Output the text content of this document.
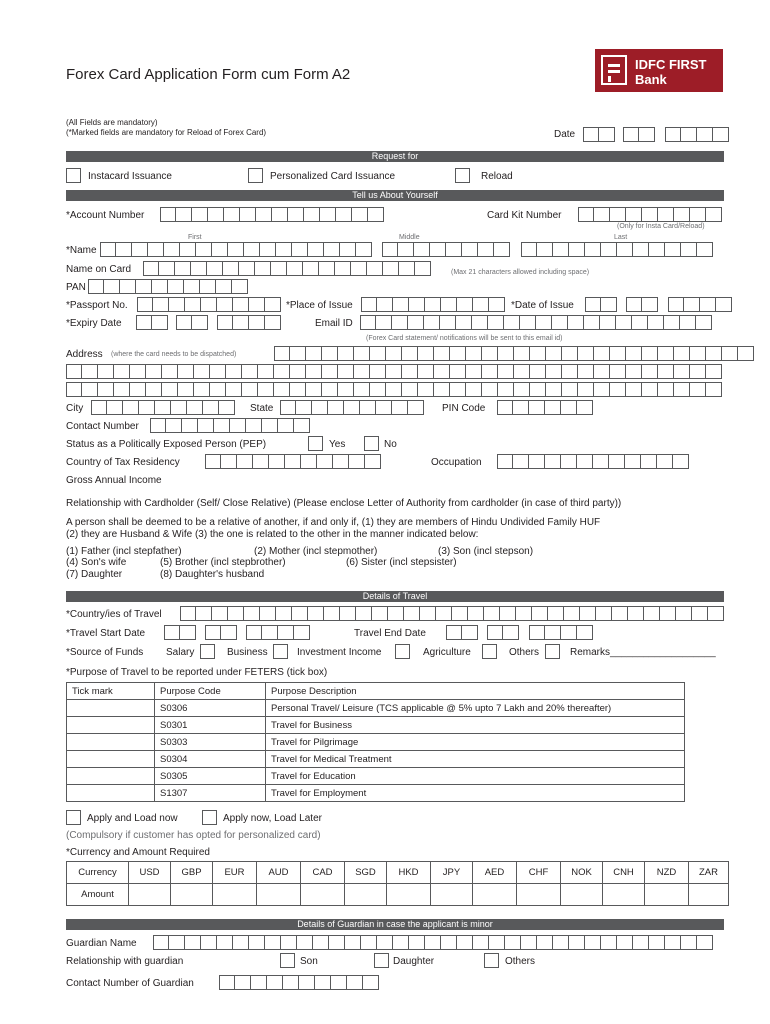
Forex Card Application Form cum Form A2
IDFC FIRST
Bank
(All Fields are mandatory)
(*Marked fields are mandatory for Reload of Forex Card)	Date
Request for
Instacard Issuance	Personalized Card Issuance	Reload
Tell us About Yourself
*Account Number	Card Kit Number
(Only for Insta Card/Reload)
First	Middle	Last
*Name
Name on Card	(Max 21 characters allowed including space)
PAN
*Passport No.	*Place of Issue	*Date of Issue
*Expiry Date	Email ID
(Forex Card statement/ notifications will be sent to this email id)
Address (where the card needs to be dispatched)
City	State	PIN Code
Contact Number
Status as a Politically Exposed Person (PEP)	Yes	No
Country of Tax Residency	Occupation
Gross Annual Income
Relationship with Cardholder (Self/ Close Relative) (Please enclose Letter of Authority from cardholder (in case of third party))
A person shall be deemed to be a relative of another, if and only if, (1) they are members of Hindu Undivided Family HUF
(2) they are Husband & Wife (3) the one is related to the other in the manner indicated below:
(1) Father (incl stepfather)	(2) Mother (incl stepmother)	(3) Son (incl stepson)
(4) Son's wife	(5) Brother (incl stepbrother)	(6) Sister (incl stepsister)
(7) Daughter	(8) Daughter's husband
Details of Travel
*Country/ies of Travel
*Travel Start Date	Travel End Date
*Source of Funds Salary	Business	Investment Income	Agriculture	Others	Remarks___________________
*Purpose of Travel to be reported under FETERS (tick box)
Tick mark	Purpose Code	Purpose Description
	S0306	Personal Travel/ Leisure (TCS applicable @ 5% upto 7 Lakh and 20% thereafter)
	S0301	Travel for Business
	S0303	Travel for Pilgrimage
	S0304	Travel for Medical Treatment
	S0305	Travel for Education
	S1307	Travel for Employment
Apply and Load now	Apply now, Load Later
(Compulsory if customer has opted for personalized card)
*Currency and Amount Required
Currency	USD	GBP	EUR	AUD	CAD	SGD	HKD	JPY	AED	CHF	NOK	CNH	NZD	ZAR
Amount														
Details of Guardian in case the applicant is minor
Guardian Name
Relationship with guardian	Son	Daughter	Others
Contact Number of Guardian
